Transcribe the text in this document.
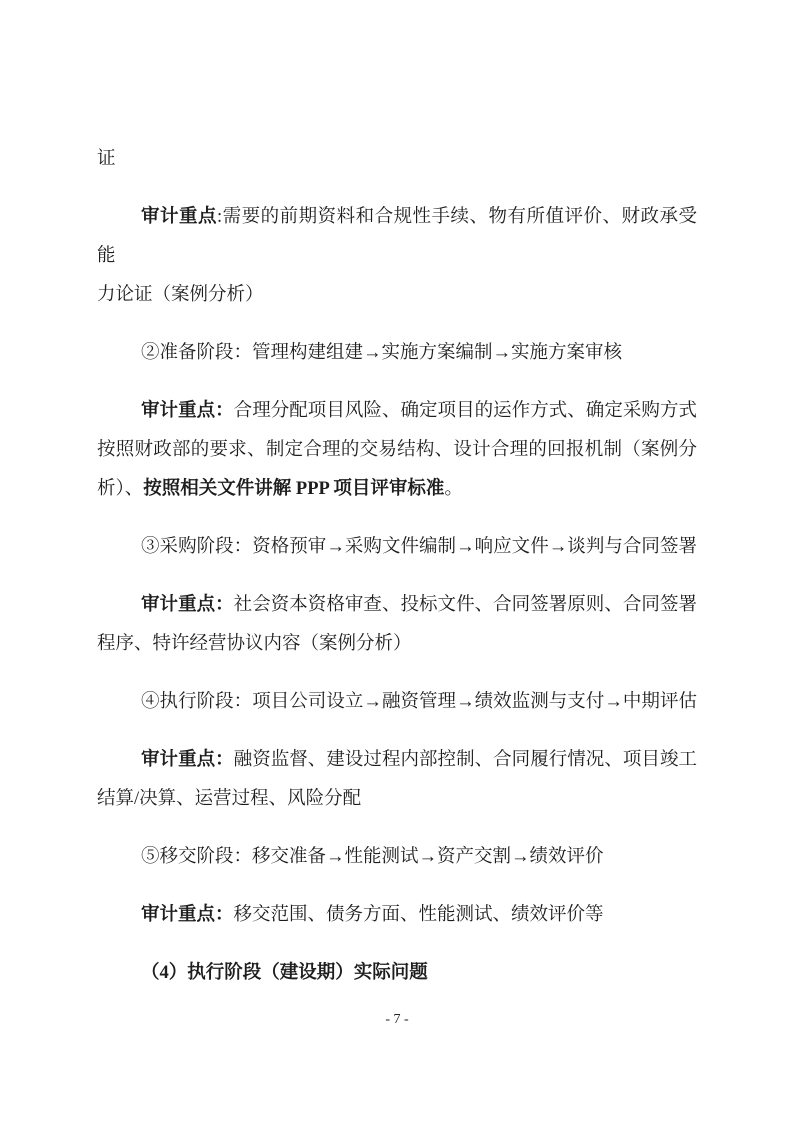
证
审计重点:需要的前期资料和合规性手续、物有所值评价、财政承受能
力论证（案例分析）
②准备阶段：管理构建组建→实施方案编制→实施方案审核
审计重点：合理分配项目风险、确定项目的运作方式、确定采购方式
按照财政部的要求、制定合理的交易结构、设计合理的回报机制（案例分
析）、按照相关文件讲解 PPP 项目评审标准。
③采购阶段：资格预审→采购文件编制→响应文件→谈判与合同签署
审计重点：社会资本资格审查、投标文件、合同签署原则、合同签署
程序、特许经营协议内容（案例分析）
④执行阶段：项目公司设立→融资管理→绩效监测与支付→中期评估
审计重点：融资监督、建设过程内部控制、合同履行情况、项目竣工
结算/决算、运营过程、风险分配
⑤移交阶段：移交准备→性能测试→资产交割→绩效评价
审计重点：移交范围、债务方面、性能测试、绩效评价等
（4）执行阶段（建设期）实际问题
- 7 -
